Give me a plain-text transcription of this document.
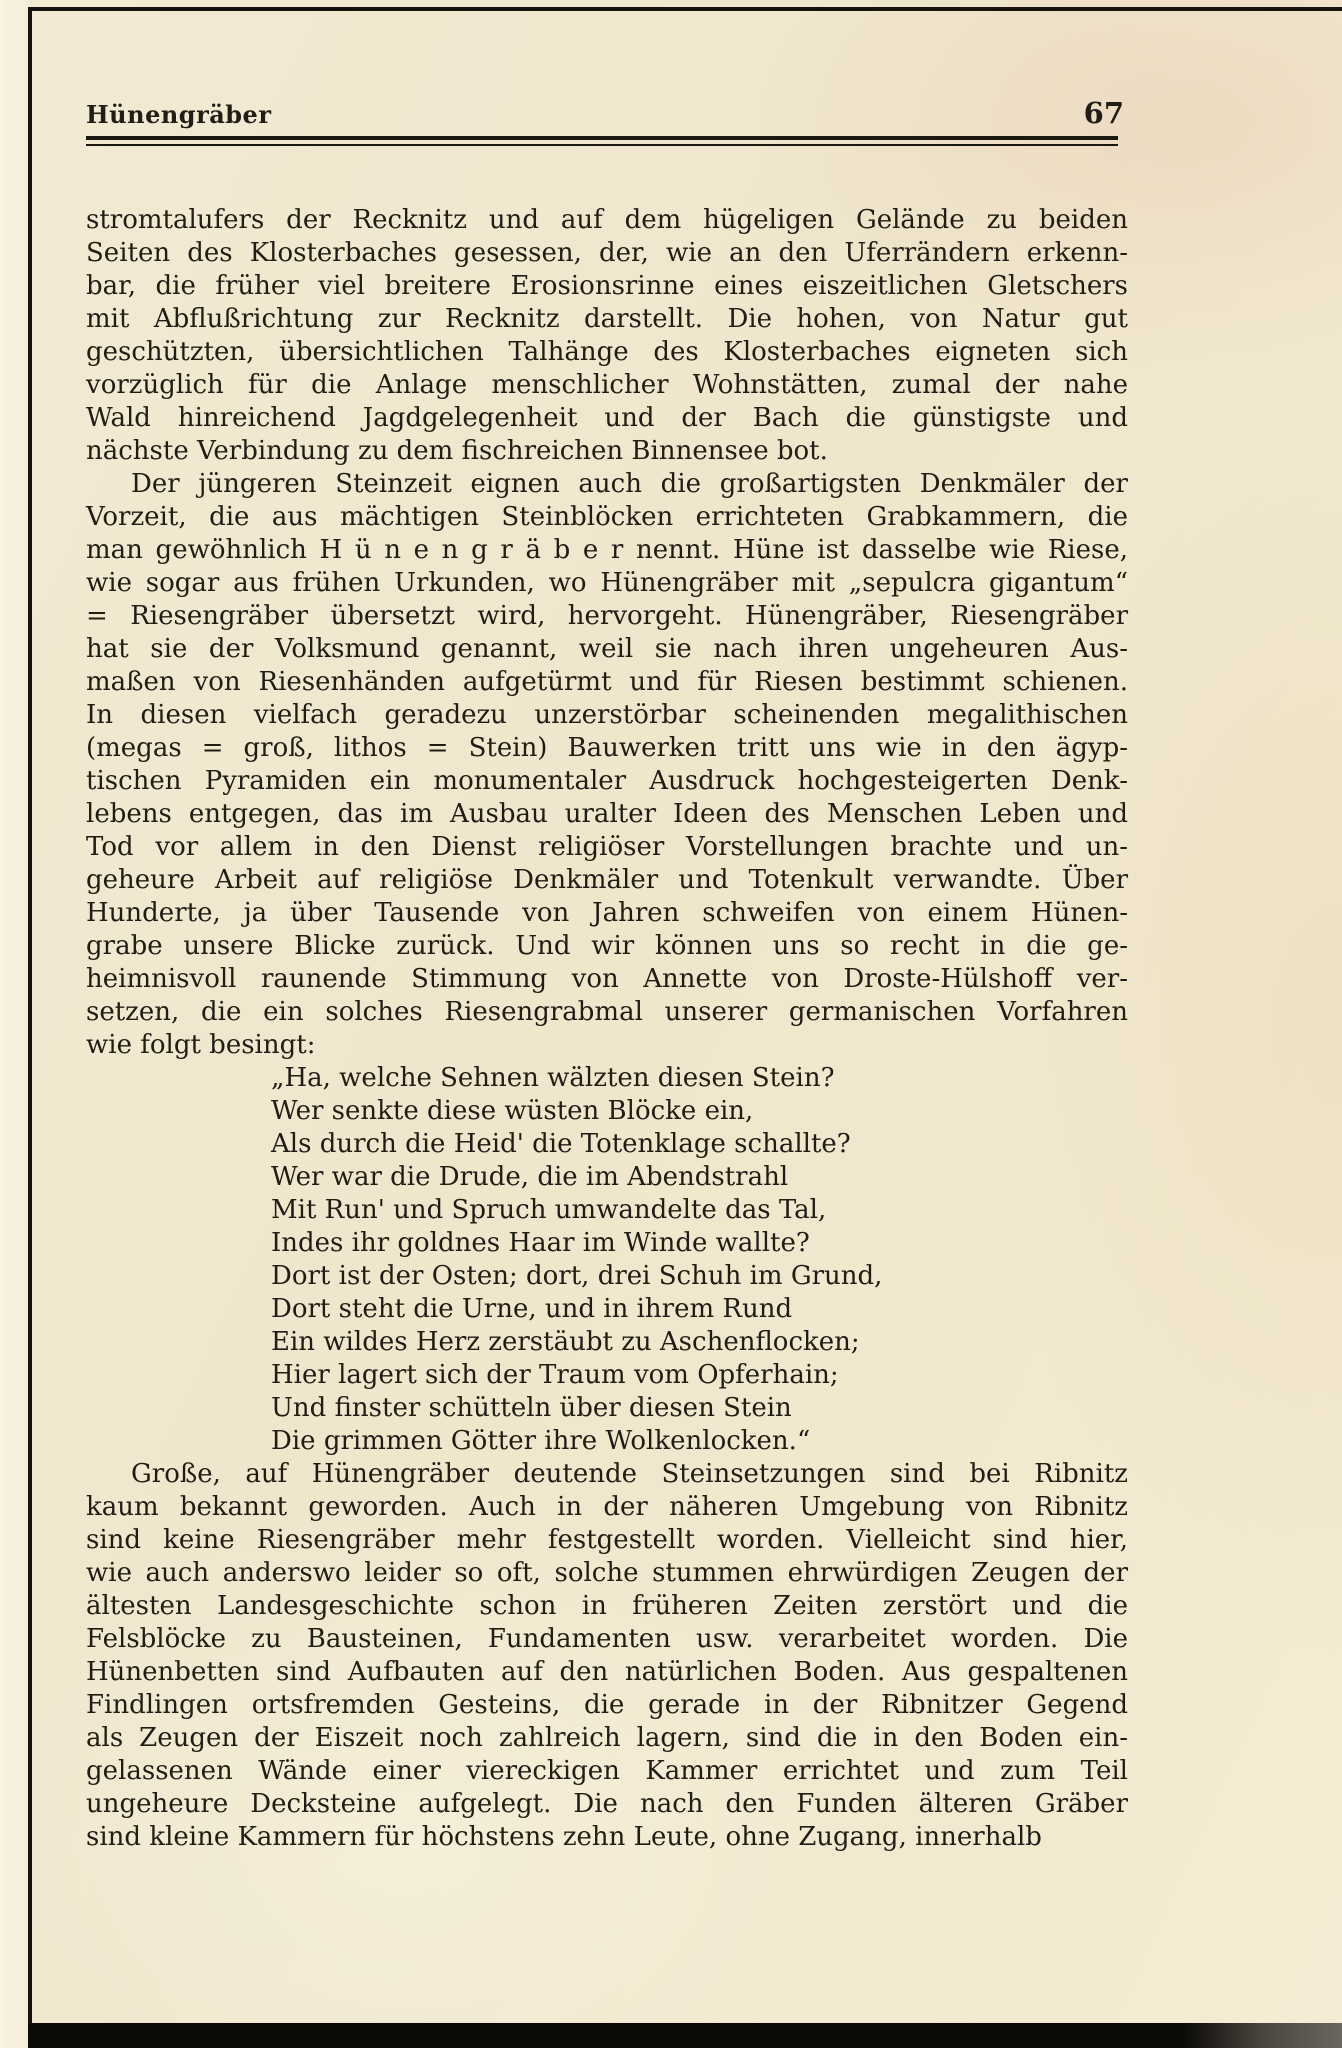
Hünengräber	67
stromtalufers der Recknitz und auf dem hügeligen Gelände zu beiden
Seiten des Klosterbaches gesessen, der, wie an den Uferrändern erkenn-
bar, die früher viel breitere Erosionsrinne eines eiszeitlichen Gletschers
mit Abflußrichtung zur Recknitz darstellt. Die hohen, von Natur gut
geschützten, übersichtlichen Talhänge des Klosterbaches eigneten sich
vorzüglich für die Anlage menschlicher Wohnstätten, zumal der nahe
Wald hinreichend Jagdgelegenheit und der Bach die günstigste und
nächste Verbindung zu dem fischreichen Binnensee bot.
Der jüngeren Steinzeit eignen auch die großartigsten Denkmäler der
Vorzeit, die aus mächtigen Steinblöcken errichteten Grabkammern, die
man gewöhnlich H ü n e n g r ä b e r nennt. Hüne ist dasselbe wie Riese,
wie sogar aus frühen Urkunden, wo Hünengräber mit „sepulcra gigantum“
= Riesengräber übersetzt wird, hervorgeht. Hünengräber, Riesengräber
hat sie der Volksmund genannt, weil sie nach ihren ungeheuren Aus-
maßen von Riesenhänden aufgetürmt und für Riesen bestimmt schienen.
In diesen vielfach geradezu unzerstörbar scheinenden megalithischen
(megas = groß, lithos = Stein) Bauwerken tritt uns wie in den ägyp-
tischen Pyramiden ein monumentaler Ausdruck hochgesteigerten Denk-
lebens entgegen, das im Ausbau uralter Ideen des Menschen Leben und
Tod vor allem in den Dienst religiöser Vorstellungen brachte und un-
geheure Arbeit auf religiöse Denkmäler und Totenkult verwandte. Über
Hunderte, ja über Tausende von Jahren schweifen von einem Hünen-
grabe unsere Blicke zurück. Und wir können uns so recht in die ge-
heimnisvoll raunende Stimmung von Annette von Droste-Hülshoff ver-
setzen, die ein solches Riesengrabmal unserer germanischen Vorfahren
wie folgt besingt:
„Ha, welche Sehnen wälzten diesen Stein?
Wer senkte diese wüsten Blöcke ein,
Als durch die Heid' die Totenklage schallte?
Wer war die Drude, die im Abendstrahl
Mit Run' und Spruch umwandelte das Tal,
Indes ihr goldnes Haar im Winde wallte?
Dort ist der Osten; dort, drei Schuh im Grund,
Dort steht die Urne, und in ihrem Rund
Ein wildes Herz zerstäubt zu Aschenflocken;
Hier lagert sich der Traum vom Opferhain;
Und finster schütteln über diesen Stein
Die grimmen Götter ihre Wolkenlocken.“
Große, auf Hünengräber deutende Steinsetzungen sind bei Ribnitz
kaum bekannt geworden. Auch in der näheren Umgebung von Ribnitz
sind keine Riesengräber mehr festgestellt worden. Vielleicht sind hier,
wie auch anderswo leider so oft, solche stummen ehrwürdigen Zeugen der
ältesten Landesgeschichte schon in früheren Zeiten zerstört und die
Felsblöcke zu Bausteinen, Fundamenten usw. verarbeitet worden. Die
Hünenbetten sind Aufbauten auf den natürlichen Boden. Aus gespaltenen
Findlingen ortsfremden Gesteins, die gerade in der Ribnitzer Gegend
als Zeugen der Eiszeit noch zahlreich lagern, sind die in den Boden ein-
gelassenen Wände einer viereckigen Kammer errichtet und zum Teil
ungeheure Decksteine aufgelegt. Die nach den Funden älteren Gräber
sind kleine Kammern für höchstens zehn Leute, ohne Zugang, innerhalb
